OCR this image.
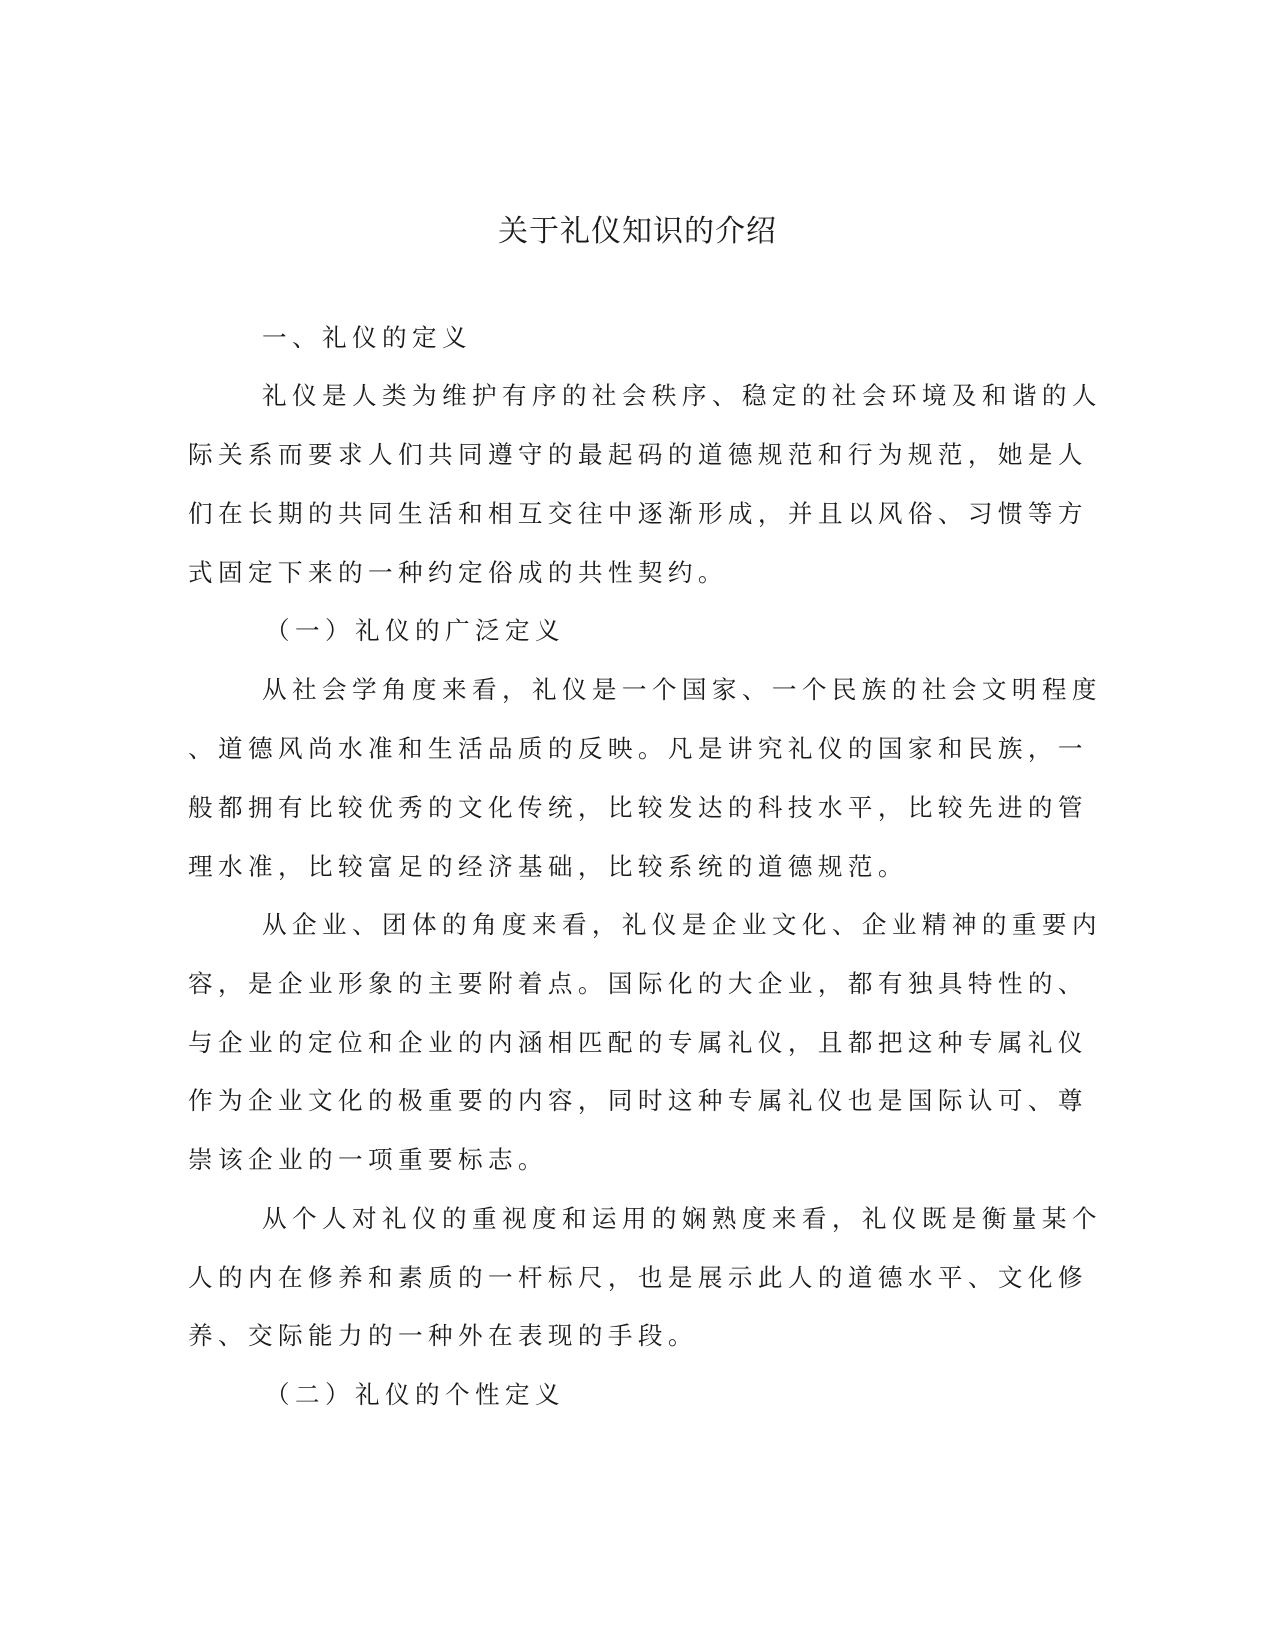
关于礼仪知识的介绍
一、礼仪的定义
礼仪是人类为维护有序的社会秩序、稳定的社会环境及和谐的人
际关系而要求人们共同遵守的最起码的道德规范和行为规范，她是人
们在长期的共同生活和相互交往中逐渐形成，并且以风俗、习惯等方
式固定下来的一种约定俗成的共性契约。
（一）礼仪的广泛定义
从社会学角度来看，礼仪是一个国家、一个民族的社会文明程度
、道德风尚水准和生活品质的反映。凡是讲究礼仪的国家和民族，一
般都拥有比较优秀的文化传统，比较发达的科技水平，比较先进的管
理水准，比较富足的经济基础，比较系统的道德规范。
从企业、团体的角度来看，礼仪是企业文化、企业精神的重要内
容，是企业形象的主要附着点。国际化的大企业，都有独具特性的、
与企业的定位和企业的内涵相匹配的专属礼仪，且都把这种专属礼仪
作为企业文化的极重要的内容，同时这种专属礼仪也是国际认可、尊
崇该企业的一项重要标志。
从个人对礼仪的重视度和运用的娴熟度来看，礼仪既是衡量某个
人的内在修养和素质的一杆标尺，也是展示此人的道德水平、文化修
养、交际能力的一种外在表现的手段。
（二）礼仪的个性定义
